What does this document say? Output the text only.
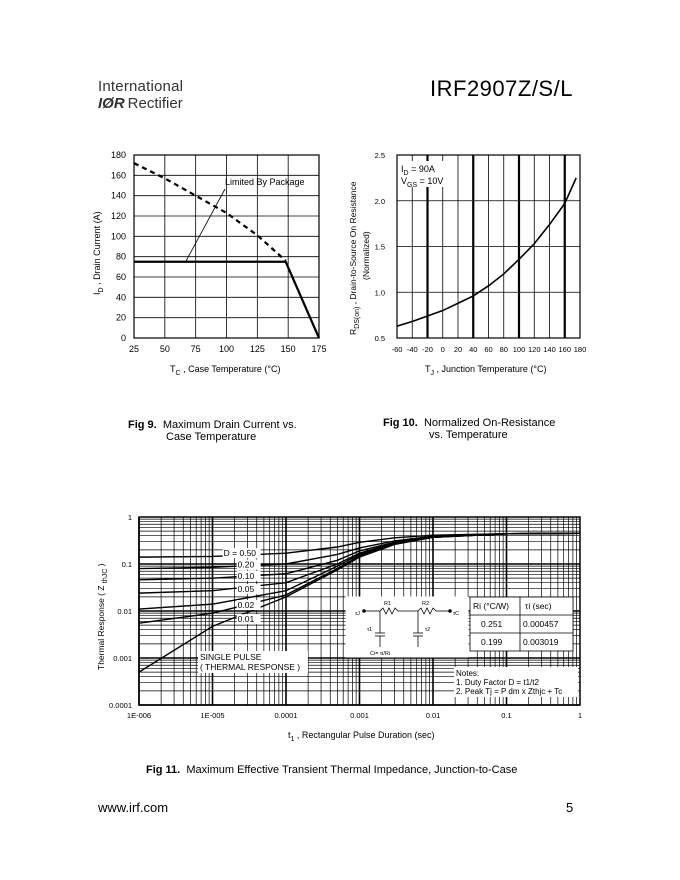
International
IØR Rectifier
IRF2907Z/S/L
25 50 75 100 125 150 175
0
20
40
60
80
100
120
140
160
180
Limited By Package
$T_C$ , Case Temperature (°C)
$I_D$ , Drain Current (A)
-60 -40 -20 0 20 40 60 80 100 120 140 160 180
0.5
1.0
1.5
2.0
2.5
$I_D = 90A$
$V_{GS} = 10V$
$T_J$ , Junction Temperature (°C)
$R_{DS(on)}$ , Drain-to-Source On Resistance (Normalized)
Fig 9. Maximum Drain Current vs.
Case Temperature
Fig 10. Normalized On-Resistance
vs. Temperature
1E-006	1E-005	0.0001	0.001	0.01	0.1	1
0.0001
0.001
0.01
0.1
1
D = 0.50
0.20
0.10
0.05
0.02
0.01
SINGLE PULSE
( THERMAL RESPONSE )
τJ	τC
R1	R2
τ1	τ2
Ci= τi/Ri
Ri (°C/W) τi (sec)
0.251 0.000457
0.199 0.003019
Notes:
1. Duty Factor D = t1/t2
2. Peak Tj = P dm x Zthjc + Tc
$t_1$ , Rectangular Pulse Duration (sec)
Thermal Response ( Z $_{thJC}$ )
Fig 11. Maximum Effective Transient Thermal Impedance, Junction-to-Case
www.irf.com	5
